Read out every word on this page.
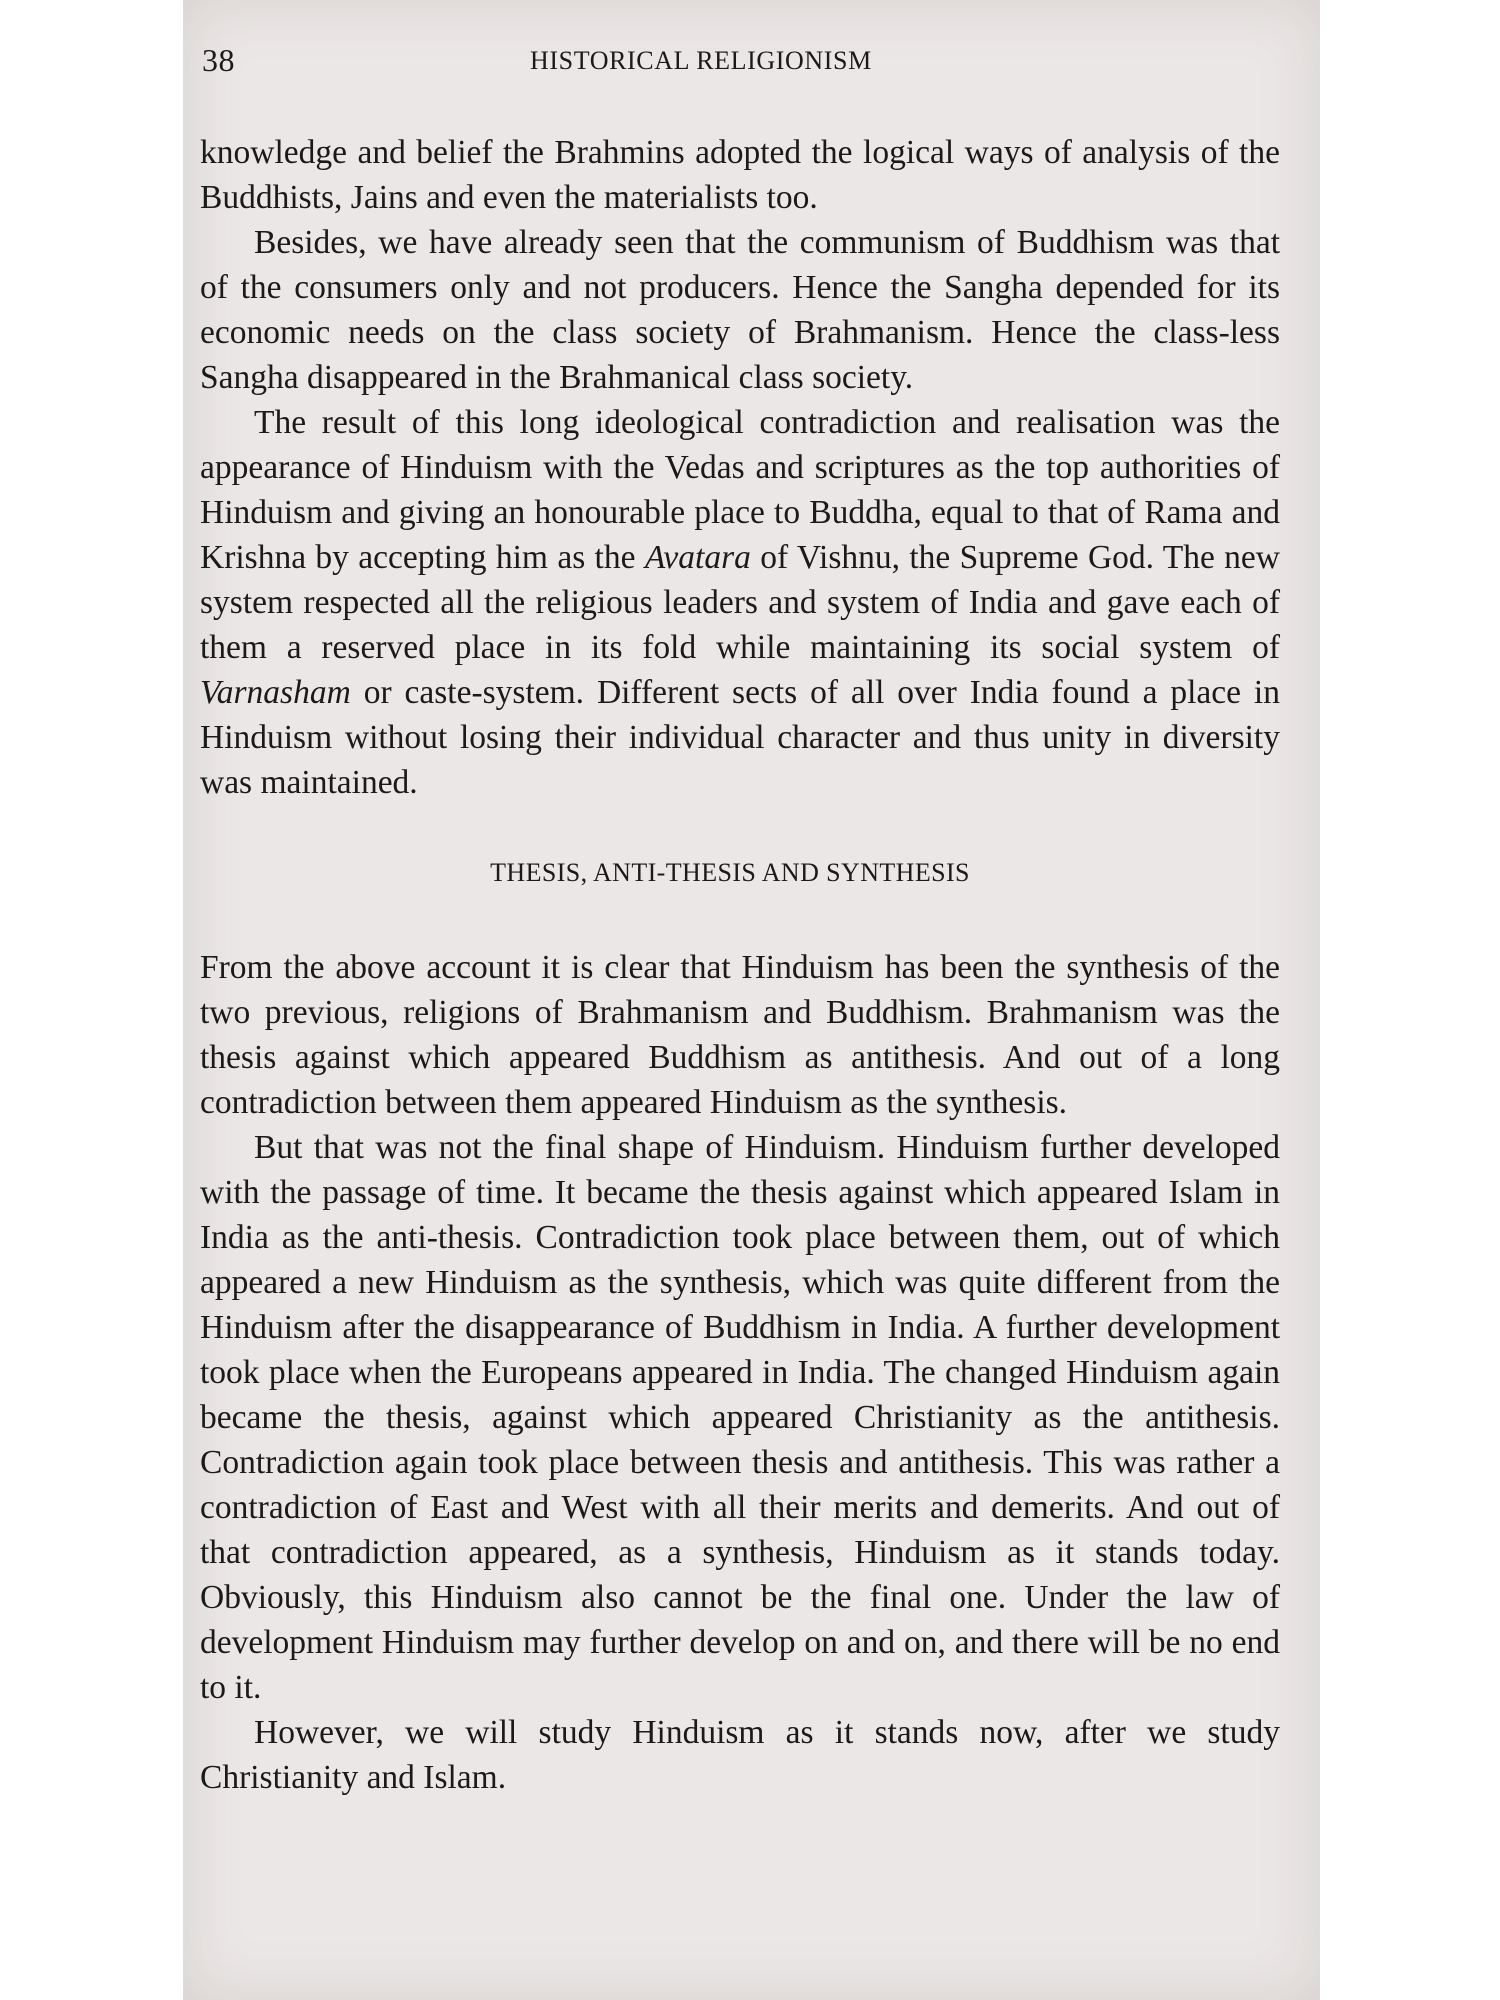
38	HISTORICAL RELIGIONISM

knowledge and belief the Brahmins adopted the logical ways of analysis of the Buddhists, Jains and even the materialists too.

Besides, we have already seen that the communism of Buddhism was that of the consumers only and not producers. Hence the Sangha depended for its economic needs on the class society of Brahmanism. Hence the class-less Sangha disappeared in the Brahmanical class society.

The result of this long ideological contradiction and realisation was the appearance of Hinduism with the Vedas and scriptures as the top authorities of Hinduism and giving an honourable place to Buddha, equal to that of Rama and Krishna by accepting him as the Avatara of Vishnu, the Supreme God. The new system respected all the religious leaders and system of India and gave each of them a reserved place in its fold while maintaining its social system of Varnasham or caste-system. Different sects of all over India found a place in Hinduism without losing their individual character and thus unity in diversity was maintained.

THESIS, ANTI-THESIS AND SYNTHESIS

From the above account it is clear that Hinduism has been the synthesis of the two previous, religions of Brahmanism and Buddhism. Brahmanism was the thesis against which appeared Buddhism as antithesis. And out of a long contradiction between them appeared Hinduism as the synthesis.

But that was not the final shape of Hinduism. Hinduism further developed with the passage of time. It became the thesis against which appeared Islam in India as the anti-thesis. Contradiction took place between them, out of which appeared a new Hinduism as the synthesis, which was quite different from the Hinduism after the disappearance of Buddhism in India. A further development took place when the Europeans appeared in India. The changed Hinduism again became the thesis, against which appeared Christianity as the antithesis. Contradiction again took place between thesis and antithesis. This was rather a contradiction of East and West with all their merits and demerits. And out of that contradiction appeared, as a synthesis, Hinduism as it stands today. Obviously, this Hinduism also cannot be the final one. Under the law of development Hinduism may further develop on and on, and there will be no end to it.

However, we will study Hinduism as it stands now, after we study Christianity and Islam.
